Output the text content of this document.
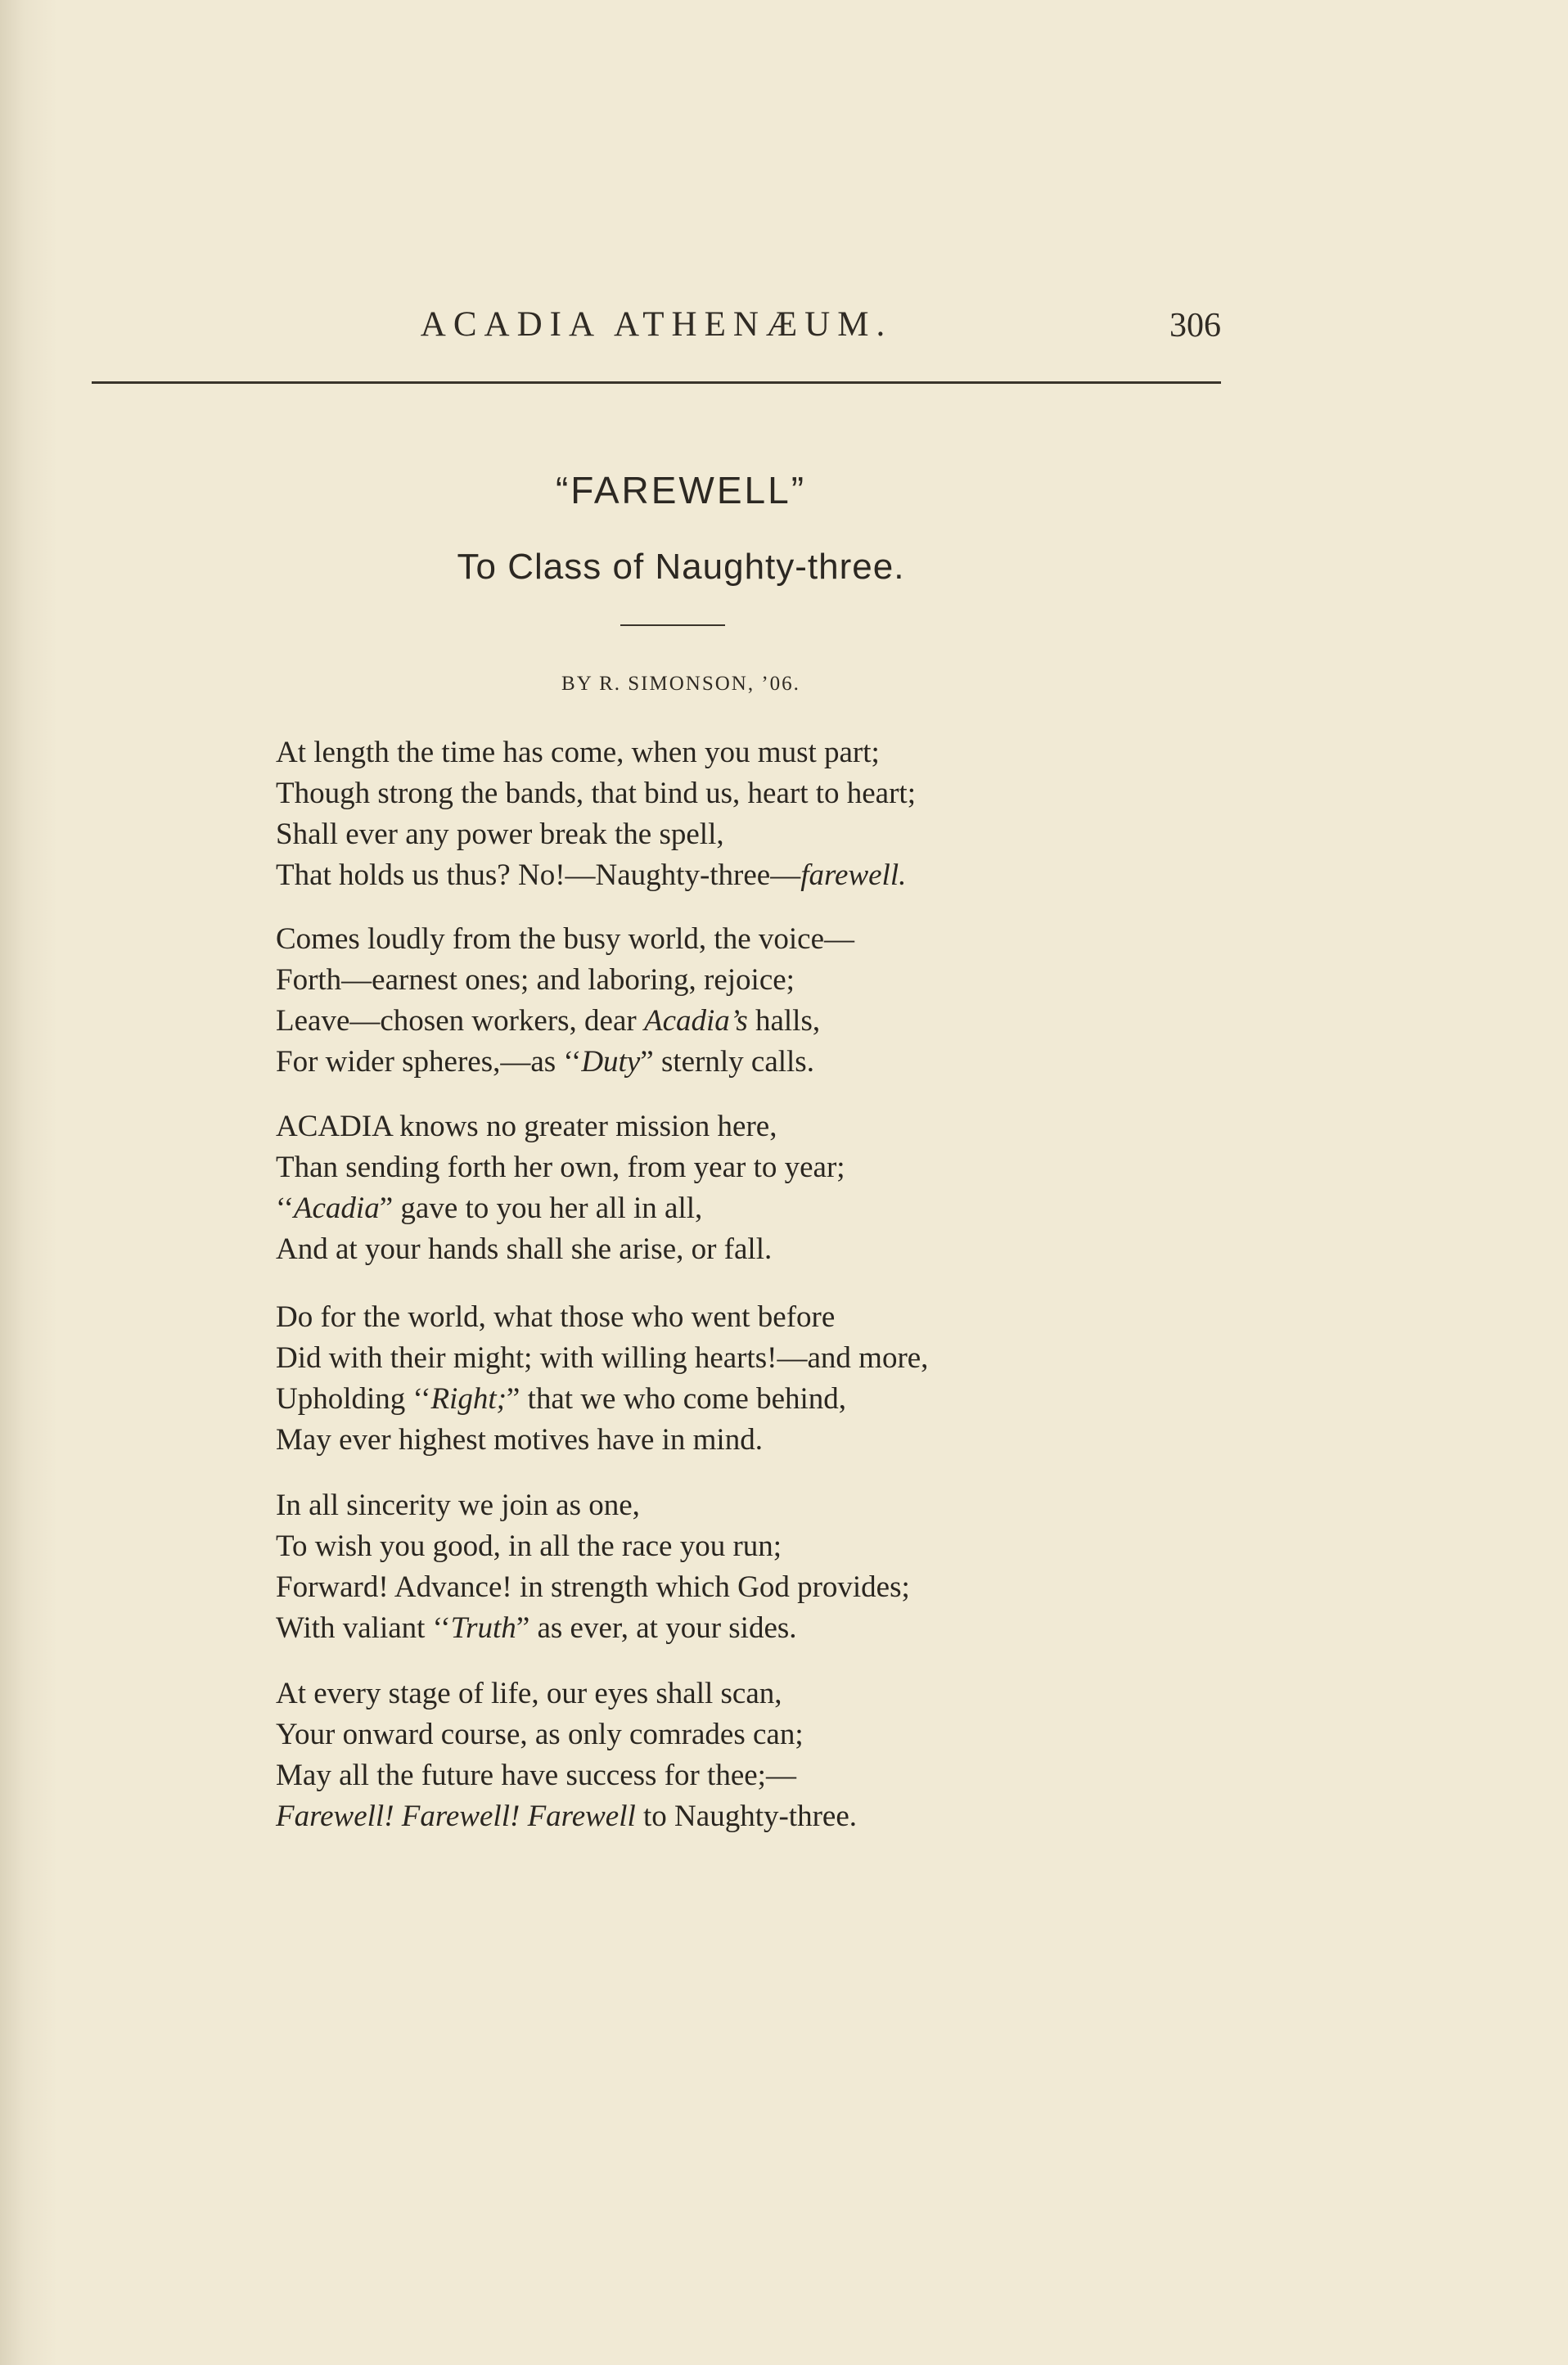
ACADIA ATHENÆUM.	306
“FAREWELL”
To Class of Naughty-three.
BY R. SIMONSON, ’06.
At length the time has come, when you must part;
Though strong the bands, that bind us, heart to heart;
Shall ever any power break the spell,
That holds us thus? No!—Naughty-three—farewell.
Comes loudly from the busy world, the voice—
Forth—earnest ones; and laboring, rejoice;
Leave—chosen workers, dear Acadia’s halls,
For wider spheres,—as ‘‘Duty” sternly calls.
ACADIA knows no greater mission here,
Than sending forth her own, from year to year;
‘‘Acadia” gave to you her all in all,
And at your hands shall she arise, or fall.
Do for the world, what those who went before
Did with their might; with willing hearts!—and more,
Upholding ‘‘Right;” that we who come behind,
May ever highest motives have in mind.
In all sincerity we join as one,
To wish you good, in all the race you run;
Forward! Advance! in strength which God provides;
With valiant ‘‘Truth” as ever, at your sides.
At every stage of life, our eyes shall scan,
Your onward course, as only comrades can;
May all the future have success for thee;—
Farewell! Farewell! Farewell to Naughty-three.
